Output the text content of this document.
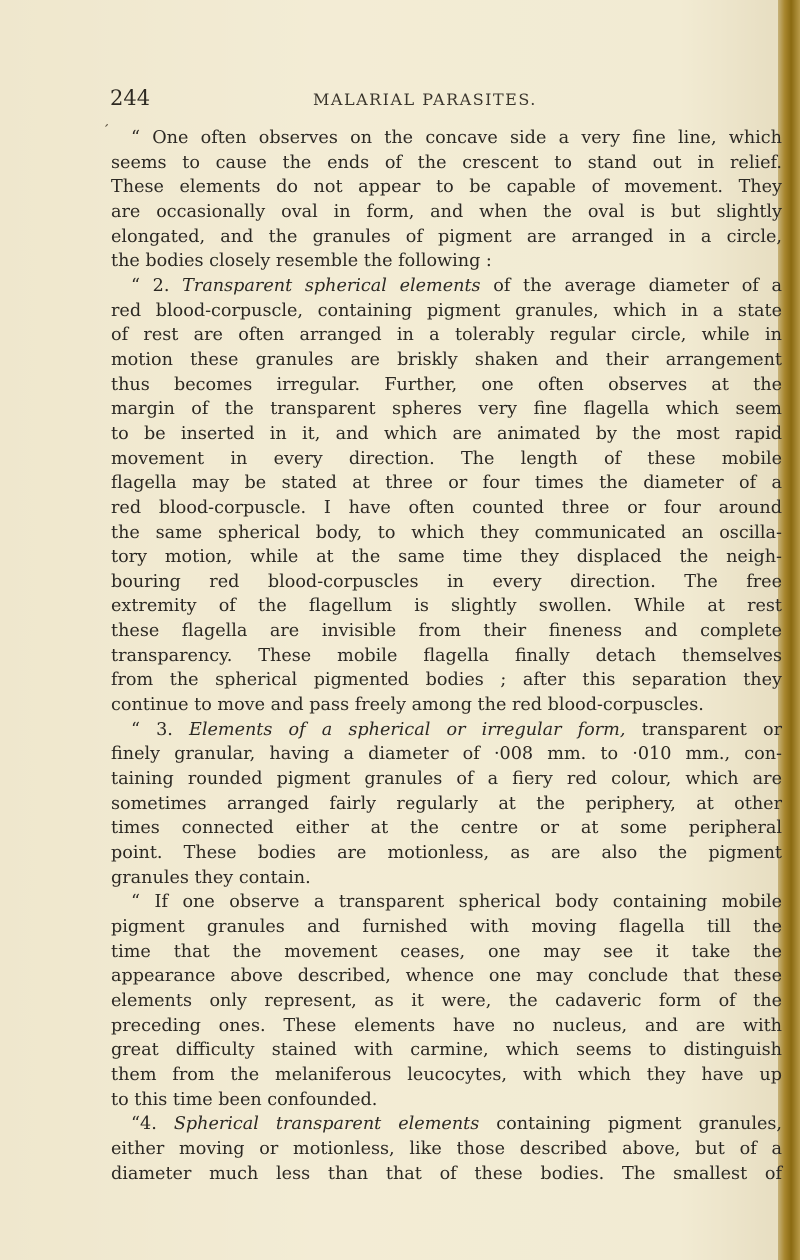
244	MALARIAL PARASITES.
’	“ One often observes on the concave side a very fine line, which
seems to cause the ends of the crescent to stand out in relief.
These elements do not appear to be capable of movement. They
are occasionally oval in form, and when the oval is but slightly
elongated, and the granules of pigment are arranged in a circle,
the bodies closely resemble the following :
“ 2. Transparent spherical elements of the average diameter of a
red blood-corpuscle, containing pigment granules, which in a state
of rest are often arranged in a tolerably regular circle, while in
motion these granules are briskly shaken and their arrangement
thus becomes irregular. Further, one often observes at the
margin of the transparent spheres very fine flagella which seem
to be inserted in it, and which are animated by the most rapid
movement in every direction. The length of these mobile
flagella may be stated at three or four times the diameter of a
red blood-corpuscle. I have often counted three or four around
the same spherical body, to which they communicated an oscilla-
tory motion, while at the same time they displaced the neigh-
bouring red blood-corpuscles in every direction. The free
extremity of the flagellum is slightly swollen. While at rest
these flagella are invisible from their fineness and complete
transparency. These mobile flagella finally detach themselves
from the spherical pigmented bodies ; after this separation they
continue to move and pass freely among the red blood-corpuscles.
“ 3. Elements of a spherical or irregular form, transparent or
finely granular, having a diameter of ·008 mm. to ·010 mm., con-
taining rounded pigment granules of a fiery red colour, which are
sometimes arranged fairly regularly at the periphery, at other
times connected either at the centre or at some peripheral
point. These bodies are motionless, as are also the pigment
granules they contain.
“ If one observe a transparent spherical body containing mobile
pigment granules and furnished with moving flagella till the
time that the movement ceases, one may see it take the
appearance above described, whence one may conclude that these
elements only represent, as it were, the cadaveric form of the
preceding ones. These elements have no nucleus, and are with
great difficulty stained with carmine, which seems to distinguish
them from the melaniferous leucocytes, with which they have up
to this time been confounded.
“4. Spherical transparent elements containing pigment granules,
either moving or motionless, like those described above, but of a
diameter much less than that of these bodies. The smallest of
